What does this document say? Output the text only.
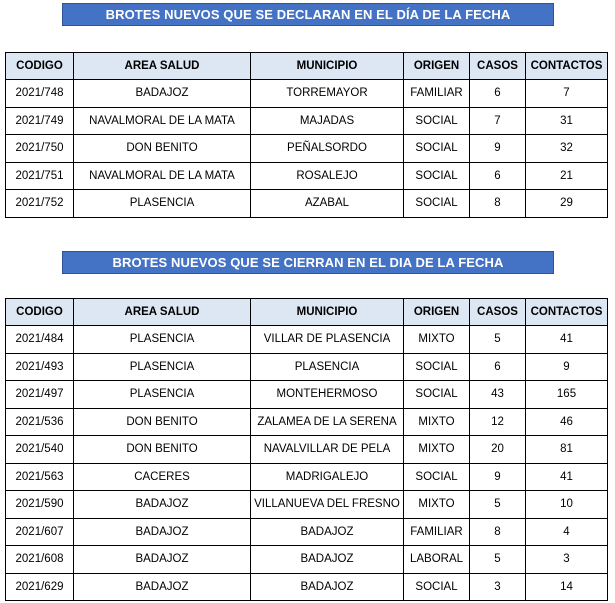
BROTES NUEVOS QUE SE DECLARAN EN EL DÍA DE LA FECHA
CODIGO	AREA SALUD	MUNICIPIO	ORIGEN	CASOS	CONTACTOS
2021/748	BADAJOZ	TORREMAYOR	FAMILIAR	6	7
2021/749	NAVALMORAL DE LA MATA	MAJADAS	SOCIAL	7	31
2021/750	DON BENITO	PEÑALSORDO	SOCIAL	9	32
2021/751	NAVALMORAL DE LA MATA	ROSALEJO	SOCIAL	6	21
2021/752	PLASENCIA	AZABAL	SOCIAL	8	29
BROTES NUEVOS QUE SE CIERRAN EN EL DIA DE LA FECHA
CODIGO	AREA SALUD	MUNICIPIO	ORIGEN	CASOS	CONTACTOS
2021/484	PLASENCIA	VILLAR DE PLASENCIA	MIXTO	5	41
2021/493	PLASENCIA	PLASENCIA	SOCIAL	6	9
2021/497	PLASENCIA	MONTEHERMOSO	SOCIAL	43	165
2021/536	DON BENITO	ZALAMEA DE LA SERENA	MIXTO	12	46
2021/540	DON BENITO	NAVALVILLAR DE PELA	MIXTO	20	81
2021/563	CACERES	MADRIGALEJO	SOCIAL	9	41
2021/590	BADAJOZ	VILLANUEVA DEL FRESNO	MIXTO	5	10
2021/607	BADAJOZ	BADAJOZ	FAMILIAR	8	4
2021/608	BADAJOZ	BADAJOZ	LABORAL	5	3
2021/629	BADAJOZ	BADAJOZ	SOCIAL	3	14
